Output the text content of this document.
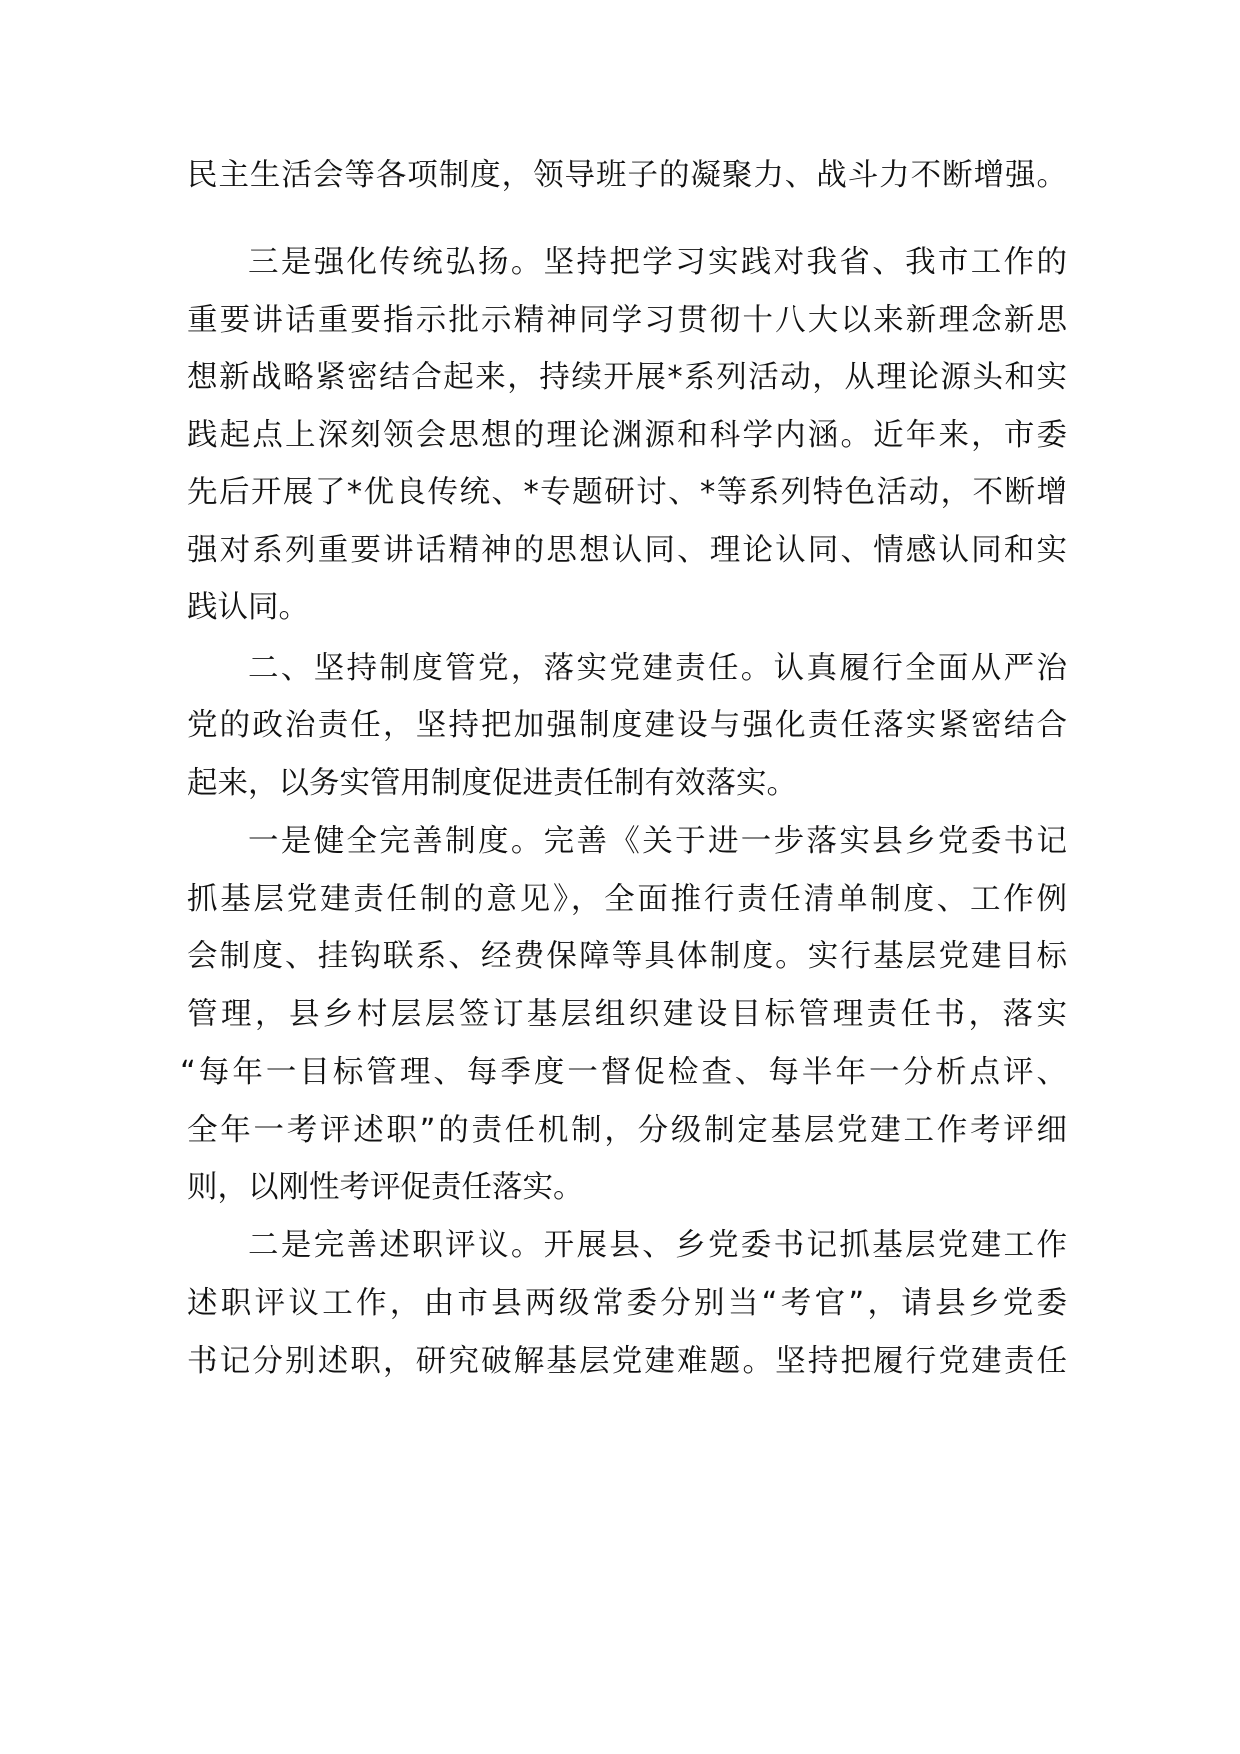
民主生活会等各项制度，领导班子的凝聚力、战斗力不断增强。
三是强化传统弘扬。坚持把学习实践对我省、我市工作的
重要讲话重要指示批示精神同学习贯彻十八大以来新理念新思
想新战略紧密结合起来，持续开展*系列活动，从理论源头和实
践起点上深刻领会思想的理论渊源和科学内涵。近年来，市委
先后开展了*优良传统、*专题研讨、*等系列特色活动，不断增
强对系列重要讲话精神的思想认同、理论认同、情感认同和实
践认同。
二、坚持制度管党，落实党建责任。认真履行全面从严治
党的政治责任，坚持把加强制度建设与强化责任落实紧密结合
起来，以务实管用制度促进责任制有效落实。
一是健全完善制度。完善《关于进一步落实县乡党委书记
抓基层党建责任制的意见》，全面推行责任清单制度、工作例
会制度、挂钩联系、经费保障等具体制度。实行基层党建目标
管理，县乡村层层签订基层组织建设目标管理责任书，落实
“每年一目标管理、每季度一督促检查、每半年一分析点评、
全年一考评述职”的责任机制，分级制定基层党建工作考评细
则，以刚性考评促责任落实。
二是完善述职评议。开展县、乡党委书记抓基层党建工作
述职评议工作，由市县两级常委分别当“考官”，请县乡党委
书记分别述职，研究破解基层党建难题。坚持把履行党建责任
